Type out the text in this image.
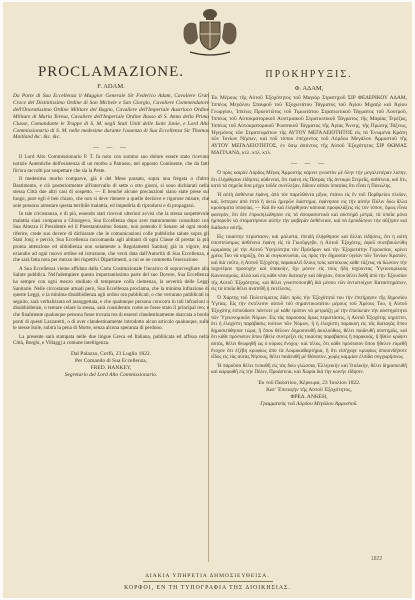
PROCLAMAZIONE.

F. ADAM.

Da Parte di Sua Eccellenza il Maggior Generale Sir Federico Adam, Cavaliere Gran Croce del Distintissimo Ordine di San Michele e San Giorgio, Cavaliere Commendatore dell'Onoratissimo Ordine Militare del Bagno, Cavaliere dell'Imperiale Austriaco Ordine Militare di Maria Teresa, Cavaliere dell'Imperiale Ordine Russo di S. Anna della Prima Classe, Comandante le Truppe di S. M. negli Stati Uniti delle Isole Jonie, e Lord Alto Commissionario di S. M. nelle medesime durante l'assenza di Sua Eccellenza Sir Thomas Maitland &c. &c. &c.

— — —

Il Lord Alto Commissionario P. T. fa noto con sommo suo dolore essere stato ricevuto notizie Autentiche dell'esistenza di un morbo a Patrasso, nel opposto Continente, che da fatti fin'ora raccolti par sospettare che sia la Peste.

Il medesimo morbo comparve, già è del Mese passato, sopra una fregata o d'altro Bastimento, e ciò posteriormente all'intervallo di sette o otto giorni, si sono dichiarati nella stessa Città due altri casi di sospetto. — E benché alcune precauzioni siano state prese sul luogo, pure egli è ben chiaro, che non si deve ritenere a quelle decisive e rigorose misure, che sole possono arrestare questa terribile malattia, ed impedirla di riprodursi e di propagarsi.

In tale circostanza, e di più, essendo stati ricevuti ulteriori avvisi che la stessa sospettevole malattia siasi comparsa a Ghiurgevo, Sua Eccellenza dopo aver maturamente consultato con Sua Altezza il Presidente ed il Preestantissimo Senato, non potendo il Senato ad ogni modo riferire, crede suo dovere di dichiarare che le comunicazioni colle pubbliche salute sopra gli Stati Jonj; e perciò, Sua Eccellenza raccomanda agli abitanti di ogni Classe di prestar la più pronta attenzione ed ubbidienza non solamente a Regolamenti Sanitarj già in vigore, ma eziandio ad ogni nuovo ordine ed istruzione, che verrà data dall'Autorità di Sua Eccellenza, e che sarà fatta nota per mezzo dei rispettivi Dipartimenti, a cui se ne commetta l'esecuzione.

A Sua Eccellenza vieme affidata dalla Carta Costituzionale l'incarico di sopravvegliare alla Salute pubblica. Nell'adempiere questo importantissimo parte del suo Dovere, Sua Eccellenza ha sempre con ogni mezzo studiato di temperare colla clemenza, la severità delle Leggi Sanitarie. Nelle circostanze attuali però, Sua Eccellenza proclama, che la minima infrazione di queste Leggi, o la minima disubbidienza agli ordini ora pubblicati, o che verranno pubblicati in seguito, sarà verbalizzata ed assoggettata, e che qualunque persona concorra in tali infrazioni o disubbidienze, o tentare celare la stessa, sarà considerato come se fosse stato il principal reo; e che finalmente qualunque persona fosse trovata rea di essersi clandestinamente sbarcata a bordo ponti di questi Lazzaretti, o di aver clandestinamente introdotto alcun articolo qualunque, sulle le stesse Isole, subirà la pena di Morte, senza alcuna speranza di perdono.

La presente sarà stampata nelle due lingue Greca ed Italiana, pubblicata ed affissa nella Città, Borghi, e Villaggj a comune intelligenza.

Dal Palazzo, Corfù, 23 Luglio 1822.

Per Comando di Sua Eccellenza,

FRED. HANKEY,

Segretario del Lord Alto Commissionario.

ΠΡΟΚΗΡΥΞΙΣ.

Φ. ΑΔΑΜ,

Ἐκ Μέρους τῆς Αὐτοῦ Ἐξοχότητος τοῦ Μαγιὸρ Στρατηγοῦ ΣΙΡ ΦΕΔΕΡΙΚΟΥ ΑΔΑΜ, Ἱππέως Μεγάλου Σταυροῦ τοῦ Ἐξοχωτάτου Τάγματος τοῦ Ἁγίου Μιχαὴλ καὶ Ἁγίου Γεωργίου, Ἱππέως Προεστῶτος τοῦ Τιμιωτάτου Στρατιωτικοῦ Τάγματος τοῦ Λουτροῦ, Ἱππέως τοῦ Αὐτοκρατορικοῦ Αὐστριακοῦ Στρατιωτικοῦ Τάγματος τῆς Μαρίας Τερέζας, Ἱππέως τοῦ Αὐτοκρατορικοῦ Ῥωσσικοῦ Τάγματος τῆς Ἁγίας Ἄννης, τῆς Πρώτης Τάξεως, Ἡγεμόνος τῶν Στρατευμάτων τῆς ΑΥΤΟΥ ΜΕΓΑΛΕΙΟΤΗΤΟΣ εἰς τὰ Ἑνωμένα Κράτη τῶν Ἰονίων Νήσων, καὶ τοῦ τόπου ἐπέχοντος τοῦ Λόρδου Μεγάλου Ἁρμοστοῦ τῆς ΑΥΤΟΥ ΜΕΓΑΛΕΙΟΤΗΤΟΣ, ἐν ὅσῳ ἀπόντος τῆς Αὐτοῦ Ἐξοχότητος ΣΙΡ ΘΩΜΑΣ ΜΑΙΤΛΑΝΔ, κτλ. κτλ. κτλ.

— — —

Ὁ πρὸς καιρὸν Λόρδος Μέγας Ἁρμοστὴς κάμνει γνωστὸν μὲ ὅλην τὴν μεγαλειτέραν λύπην, ὅτι ἐλήφθησαν εἰδήσεις αὐθενταὶ, ὅτι ἐφάνη εἰς Πάτρας τῆς ἀντικρὺ Στερεᾶς, ἀσθένεια, καὶ ὅτι, κατὰ τὰ σημεῖα ὅσα μέχρι τοῦδε συνέλεξαν, δίδουν αἰτίαν ὑποψίας ὅτι εἶναι ἡ Πανώλης.

Ἡ αὐτὴ ἀσθένεια ἐφάνη, ἀπὸ τὸν παρελθόντα μῆνα, ἐπάνω εἰς ἓν τοῦ Πορθμείου πλοῖον, καὶ, ὕστερον ἀπὸ ἑπτὰ ἢ ὀκτὼ ἡμερῶν διάστημα, ἐφάνησαν εἰς τὴν αὐτὴν Πόλιν δύω ἄλλα κρούσματα ὑποψίας. — Καὶ ἂν καὶ ἐλήφθησαν κάποιαι προφυλάξεις εἰς τὸν τόπον, ὅμως εἶναι φανερὸν, ὅτι δὲν ἐπροσηλώθησαν εἰς τὰ ἀποφασιστικὰ καὶ αὐστηρὰ μέτρα, τὰ ὁποῖα μόνα ἠμποροῦν νὰ σταματήσουν αὐτὴν τὴν φοβερὰν ἀσθένειαν, καὶ νὰ ἐμποδίσουν τὴν αὔξησιν καὶ διάδοσιν αὐτῆς.

Εἰς τοιαύτην περίστασιν, καὶ μάλιστα, ἐπειδὴ ἐλήφθησαν καὶ ἄλλαι εἰδήσεις, ὅτι ἡ αὐτὴ ὑποπτεύσιμος ἀσθένεια ἐφάνη εἰς τὸ Γκιοῦργεβο, ἡ Αὐτοῦ Ἐξοχότης, ἀφοῦ συνεβουλεύθη ὡριμάσας μὲ τὴν Αὐτοῦ Ὑψηλότητα τὸν Πρόεδρον καὶ τὴν Ἐξοχωτάτην Γερουσίαν, κρίνει χρέος Του νὰ κηρύξῃ, ὅτι αἱ συγκοινωνίαι, ὡς πρὸς τὴν δημοσίαν ὑγείαν τῶν Ἰονίων Κρατῶν, καὶ διὰ τοῦτο, ἡ Αὐτοῦ Ἐξοχότης παρακαλεῖ ὅλους τοὺς κατοίκους κάθε τάξεως νὰ δώσουν τὴν ταχυτέραν προσοχὴν καὶ ὑπακοὴν, ὄχι μόνον εἰς τοὺς ἤδη ἰσχύοντας Ὑγειονομικοὺς Κανονισμοὺς, ἀλλὰ καὶ εἰς κάθε νέαν διαταγὴν καὶ ὁδηγίαν, ὅπου θέλει δοθῆ ἀπὸ τὴν Ἐξουσίαν τῆς Αὐτοῦ Ἐξοχότητος, καὶ θέλει γνωστοποιηθῆ διὰ μέσου τῶν ἀντιστοίχων Καταστημάτων, εἰς τὰ ὁποῖα θέλει ἀνατεθῆ ἡ ἐκτέλεσις.

Ὁ Χάρτης τοῦ Πολιτεύματος δίδει πρὸς τὴν Ἐξοχότητά του τὴν ἐπιτήρησιν τῆς δημοσίου Ὑγείας. Εἰς τὴν ἐκτέλεσιν αὐτοῦ τοῦ σημαντικωτάτου μέρους τοῦ Χρέους Του, ἡ Αὐτοῦ Ἐξοχότης ἐσπούδασε πάντοτε μὲ κάθε τρόπον νὰ μετριάζῃ μὲ τὴν ἐπιείκειαν τὴν αὐστηρότητα τῶν Ὑγειονομικῶν Νόμων. Εἰς τὰς παρούσας ὅμως περιστάσεις, ἡ Αὐτοῦ Ἐξοχότης κηρύττει, ὅτι ἡ ἐλαχίστη παράβασις τούτων τῶν Νόμων, ἢ ἡ ἐλαχίστη παρακοὴ εἰς τὰς διαταγὰς ὅπου δημοσιεύθησαν τώρα, ἢ ὅπου θέλουν δημοσιευθῆ ἀκολούθως, θέλει παιδευθῆ αὐστηρῶς, καὶ ὅτι κάθε πρόσωπον ὅπου ἤθελε συντρέξει εἰς τοιαύτας παραβάσεις ἢ παρακοὰς, ἢ ἤθελε κρύψει αὐτὰς, θέλει θεωρηθῆ ὡς ὁ κύριος ἔνοχος· καὶ τέλος, ὅτι κάθε πρόσωπον ὅπου ἤθελεν εὑρεθῆ ἔνοχον ὅτι ἐξέβη κρυφίως ἀπὸ τὰ Λοιμοκαθαρτήρια, ἢ ὅτι εἰσήγαγε κρυφίως ὁποιονδήποτε εἶδος εἰς τὰς αὐτὰς Νήσους, θέλει παιδευθῆ μὲ Θάνατον, χωρὶς καμμίαν ἐλπίδα συγχωρήσεως.

Ἡ παροῦσα θέλει τυπωθῆ εἰς τὰς δύω γλώσσας Ἑλληνικὴν καὶ Ἰταλικὴν, θέλει δημοσιευθῆ καὶ καρφωθῆ εἰς τὴν Πόλιν, Προάστεια, καὶ Χωρία διὰ τὴν κοινὴν εἴδησιν.

Ἐκ τοῦ Παλατίου, Κέρκυρα, 23 Ἰουλίου 1822.

Κατ' Ἐπιταγὴν τῆς Αὐτοῦ Ἐξοχότητος,

ΦΡΕΔ. ΑΝΚΕΗ,

Γραμματεὺς τοῦ Λόρδου Μεγάλου Ἁρμοστοῦ.

1822
ΔΙΑΚΙΑ ΥΠΗΡΕΤΙΑ ΔΗΜΟΣΙΕΥΘΕΙΣΑ.
ΚΟΡΦΟΙ, ΕΝ ΤΗ ΤΥΠΟΓΡΑΦΙΑ ΤΗΣ ΔΙΟΙΚΗΣΙΑΣ.
